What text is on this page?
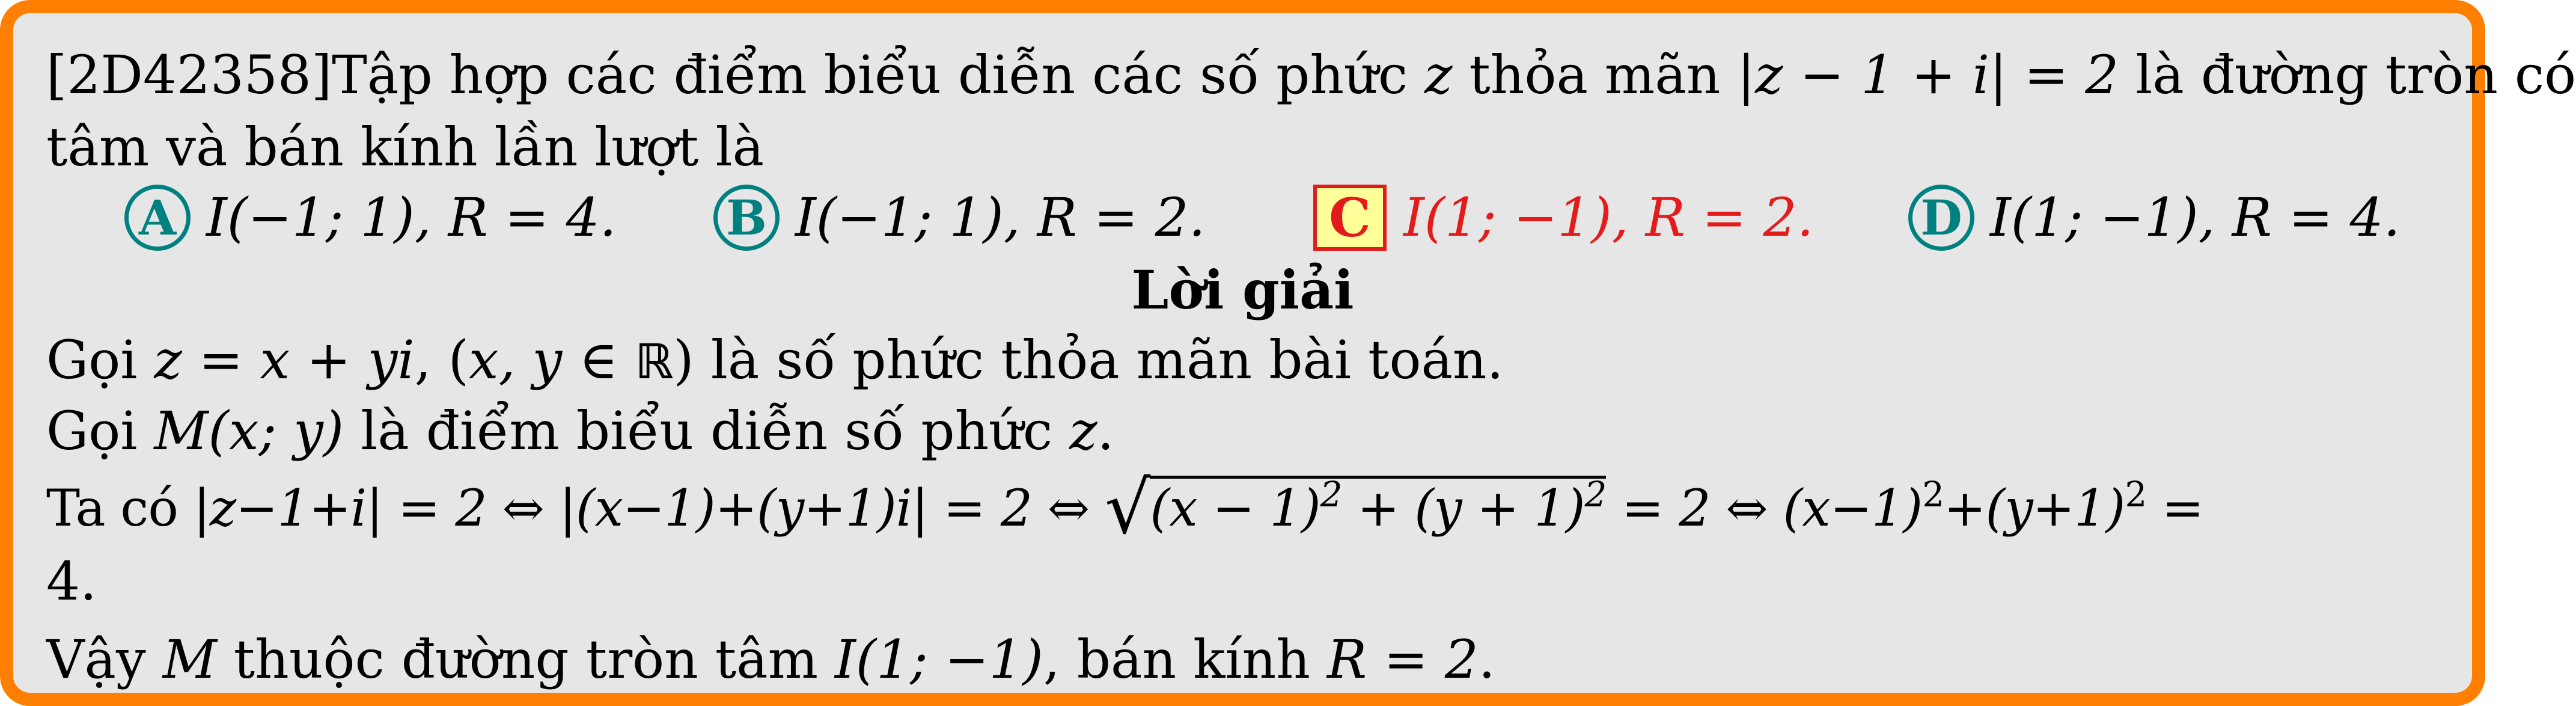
[2D42358]Tập hợp các điểm biểu diễn các số phức z thỏa mãn |z − 1 + i| = 2 là đường tròn có
tâm và bán kính lần lượt là
A I(−1; 1), R = 4. B I(−1; 1), R = 2. C I(1; −1), R = 2. D I(1; −1), R = 4.
Lời giải
Gọi z = x + yi, (x, y ∈ ℝ) là số phức thỏa mãn bài toán.
Gọi M(x; y) là điểm biểu diễn số phức z.
Ta có |z−1+i| = 2 ⇔ |(x−1)+(y+1)i| = 2 ⇔ $√(x - 1)^2 + (y + 1)^2 = 2$ ⇔ $(x-1)^2+(y+1)^2$ =
4.
Vậy M thuộc đường tròn tâm I(1; −1), bán kính R = 2.
